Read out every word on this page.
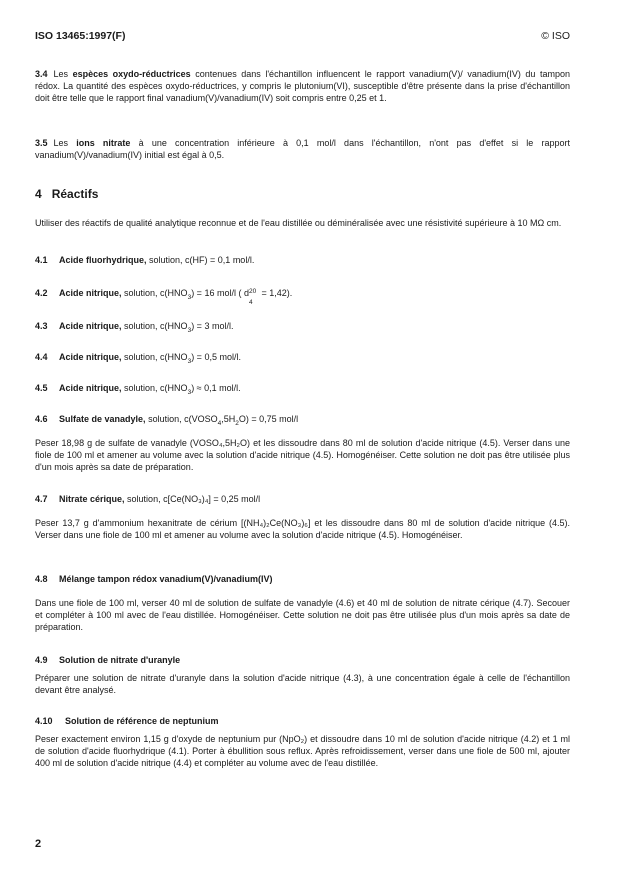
ISO 13465:1997(F)	© ISO
3.4 Les espèces oxydo-réductrices contenues dans l'échantillon influencent le rapport vanadium(V)/ vanadium(IV) du tampon rédox. La quantité des espèces oxydo-réductrices, y compris le plutonium(VI), susceptible d'être présente dans la prise d'échantillon doit être telle que le rapport final vanadium(V)/vanadium(IV) soit compris entre 0,25 et 1.
3.5 Les ions nitrate à une concentration inférieure à 0,1 mol/l dans l'échantillon, n'ont pas d'effet si le rapport vanadium(V)/vanadium(IV) initial est égal à 0,5.
4 Réactifs
Utiliser des réactifs de qualité analytique reconnue et de l'eau distillée ou déminéralisée avec une résistivité supérieure à 10 MΩ cm.
4.1 Acide fluorhydrique, solution, c(HF) = 0,1 mol/l.
4.2 Acide nitrique, solution, $c(HNO_3) = 16$ mol/l ( d 20
4
= 1,42).
4.3 Acide nitrique, solution, $c(HNO_3) = 3$ mol/l.
4.4 Acide nitrique, solution, $c(HNO_3) = 0,5$ mol/l.
4.5 Acide nitrique, solution, $c(HNO_3) \approx 0,1$ mol/l.
4.6 Sulfate de vanadyle, solution, $c(VOSO_4,5H_2O) = 0,75$ mol/l
Peser 18,98 g de sulfate de vanadyle (VOSO₄,5H₂O) et les dissoudre dans 80 ml de solution d'acide nitrique (4.5). Verser dans une fiole de 100 ml et amener au volume avec la solution d'acide nitrique (4.5). Homogénéiser. Cette solution ne doit pas être utilisée plus d'un mois après sa date de préparation.
4.7 Nitrate cérique, solution, c[Ce(NO₃)₄] = 0,25 mol/l
Peser 13,7 g d'ammonium hexanitrate de cérium [(NH₄)₂Ce(NO₃)₆] et les dissoudre dans 80 ml de solution d'acide nitrique (4.5). Verser dans une fiole de 100 ml et amener au volume avec la solution d'acide nitrique (4.5). Homogénéiser.
4.8 Mélange tampon rédox vanadium(V)/vanadium(IV)
Dans une fiole de 100 ml, verser 40 ml de solution de sulfate de vanadyle (4.6) et 40 ml de solution de nitrate cérique (4.7). Secouer et compléter à 100 ml avec de l'eau distillée. Homogénéiser. Cette solution ne doit pas être utilisée plus d'un mois après sa date de préparation.
4.9 Solution de nitrate d'uranyle
Préparer une solution de nitrate d'uranyle dans la solution d'acide nitrique (4.3), à une concentration égale à celle de l'échantillon devant être analysé.
4.10 Solution de référence de neptunium
Peser exactement environ 1,15 g d'oxyde de neptunium pur (NpO₂) et dissoudre dans 10 ml de solution d'acide nitrique (4.2) et 1 ml de solution d'acide fluorhydrique (4.1). Porter à ébullition sous reflux. Après refroidissement, verser dans une fiole de 500 ml, ajouter 400 ml de solution d'acide nitrique (4.4) et compléter au volume avec de l'eau distillée.
2
